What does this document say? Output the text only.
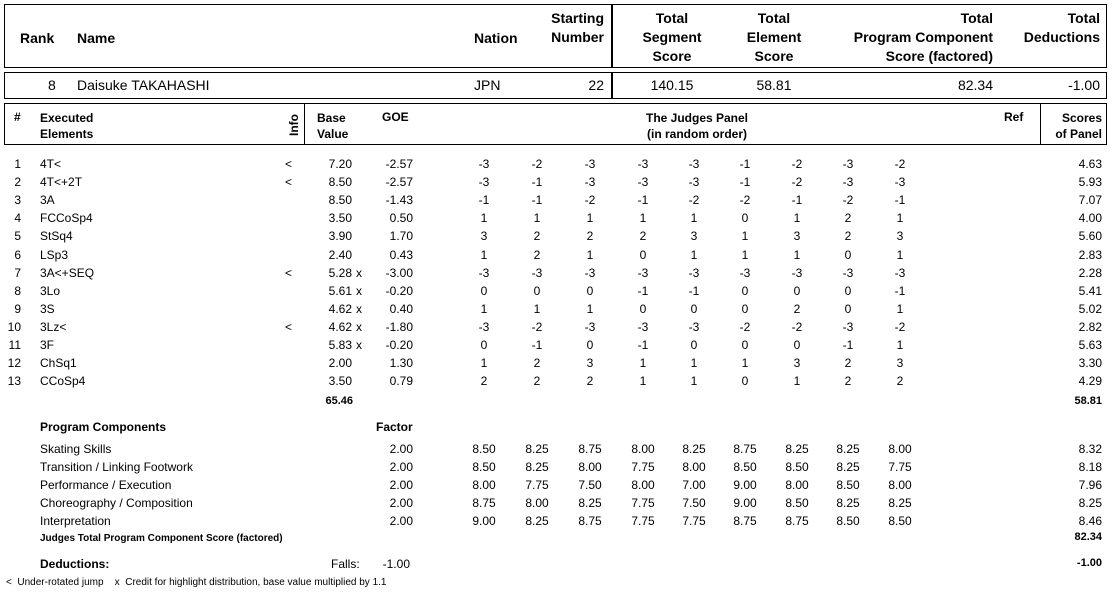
Rank Name	Nation
Starting
Number
Total
Segment
Score
Total
Element
Score
Total
Program Component
Score (factored)
Total
Deductions
8 Daisuke TAKAHASHI	JPN	22	140.15	58.81	82.34	-1.00
# Executed
Elements	Info Base
Value
GOE	The Judges Panel
(in random order)
Ref	Scores
of Panel
1 4T<	<	7.20	-2.57	-3	-2	-3	-3	-3	-1	-2	-3	-2	4.63
2 4T<+2T	<	8.50	-2.57	-3	-1	-3	-3	-3	-1	-2	-3	-3	5.93
3 3A	8.50	-1.43	-1	-1	-2	-1	-2	-2	-1	-2	-1	7.07
4 FCCoSp4	3.50	0.50	1	1	1	1	1	0	1	2	1	4.00
5 StSq4	3.90	1.70	3	2	2	2	3	1	3	2	3	5.60
6 LSp3	2.40	0.43	1	2	1	0	1	1	1	0	1	2.83
7 3A<+SEQ	<	5.28 x -3.00	-3	-3	-3	-3	-3	-3	-3	-3	-3	2.28
8 3Lo	5.61 x -0.20	0	0	0	-1	-1	0	0	0	-1	5.41
9 3S	4.62 x 0.40	1	1	1	0	0	0	2	0	1	5.02
10 3Lz<	<	4.62 x -1.80	-3	-2	-3	-3	-3	-2	-2	-3	-2	2.82
11 3F	5.83 x -0.20	0	-1	0	-1	0	0	0	-1	1	5.63
12 ChSq1	2.00	1.30	1	2	3	1	1	1	3	2	3	3.30
13 CCoSp4	3.50	0.79	2	2	2	1	1	0	1	2	2	4.29
65.46	58.81
Program Components	Factor
Skating Skills	2.00	8.50	8.25	8.75	8.00	8.25	8.75	8.25	8.25	8.00	8.32
Transition / Linking Footwork	2.00	8.50	8.25	8.00	7.75	8.00	8.50	8.50	8.25	7.75	8.18
Performance / Execution	2.00	8.00	7.75	7.50	8.00	7.00	9.00	8.00	8.50	8.00	7.96
Choreography / Composition	2.00	8.75	8.00	8.25	7.75	7.50	9.00	8.50	8.25	8.25	8.25
Interpretation	2.00	9.00	8.25	8.75	7.75	7.75	8.75	8.75	8.50	8.50	8.46
Judges Total Program Component Score (factored)	82.34
Deductions:	Falls: -1.00	-1.00
<  Under-rotated jump    x  Credit for highlight distribution, base value multiplied by 1.1
